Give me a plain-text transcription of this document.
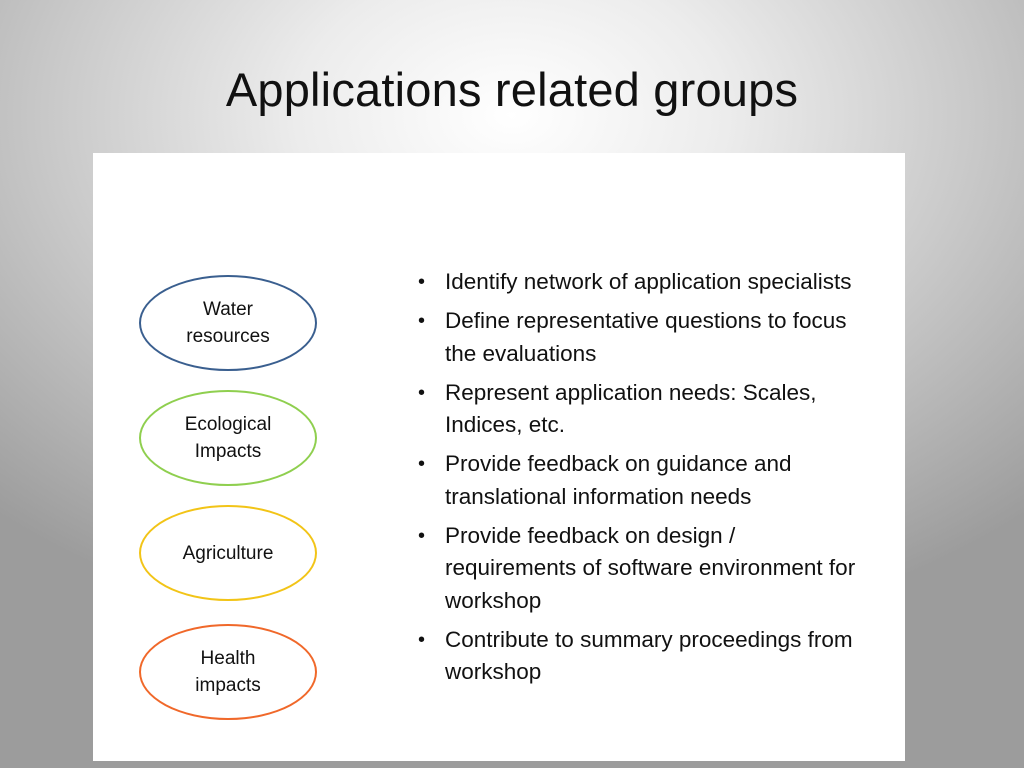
Applications related groups
Water
resources
Ecological
Impacts
Agriculture
Health
impacts
• Identify network of application specialists
• Define representative questions to focus the evaluations
• Represent application needs: Scales, Indices, etc.
• Provide feedback on guidance and translational information needs
• Provide feedback on design / requirements of software environment for workshop
• Contribute to summary proceedings from workshop
